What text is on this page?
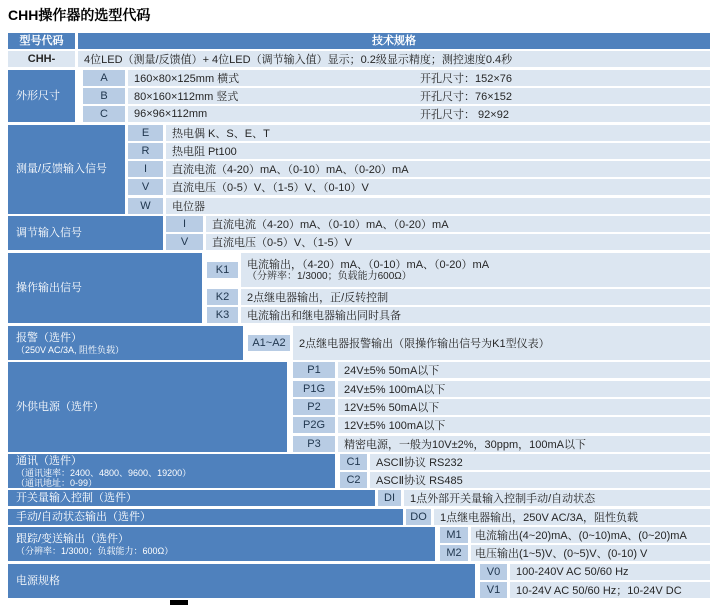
CHH操作器的选型代码
型号代码	技术规格
CHH-	4位LED（测量/反馈值）+ 4位LED（调节输入值）显示；0.2级显示精度；测控速度0.4秒
外形尺寸
A	160×80×125mm 横式	开孔尺寸：152×76
B	80×160×112mm 竖式	开孔尺寸：76×152
C	96×96×112mm	开孔尺寸： 92×92
测量/反馈输入信号
E	热电偶 K、S、E、T
R	热电阻 Pt100
I	直流电流（4-20）mA、（0-10）mA、（0-20）mA
V	直流电压（0-5）V、（1-5）V、（0-10）V
W	电位器
调节输入信号
I	直流电流（4-20）mA、（0-10）mA、（0-20）mA
V	直流电压（0-5）V、（1-5）V
操作输出信号
K1	电流输出，（4-20）mA、（0-10）mA、（0-20）mA
（分辨率：1/3000；负载能力600Ω）
K2	2点继电器输出，正/反转控制
K3	电流输出和继电器输出同时具备
报警（选件）
（250V AC/3A, 阻性负载）
A1~A2	2点继电器报警输出（限操作输出信号为K1型仪表）
外供电源（选件）
P1	24V±5% 50mA以下
P1G	24V±5% 100mA以下
P2	12V±5% 50mA以下
P2G	12V±5% 100mA以下
P3	精密电源，一般为10V±2%，30ppm，100mA以下
通讯（选件）
（通讯速率：2400、4800、9600、19200）
（通讯地址：0-99）
C1	ASCⅡ协议 RS232
C2	ASCⅡ协议 RS485
开关量输入控制（选件）	DI	1点外部开关量输入控制手动/自动状态
手动/自动状态输出（选件）	DO	1点继电器输出，250V AC/3A，阻性负载
跟踪/变送输出（选件）
（分辨率：1/3000；负载能力：600Ω）
M1	电流输出(4~20)mA、(0~10)mA、(0~20)mA
M2	电压输出(1~5)V、(0~5)V、(0-10) V
电源规格
V0	100-240V AC 50/60 Hz
V1	10-24V AC 50/60 Hz；10-24V DC
